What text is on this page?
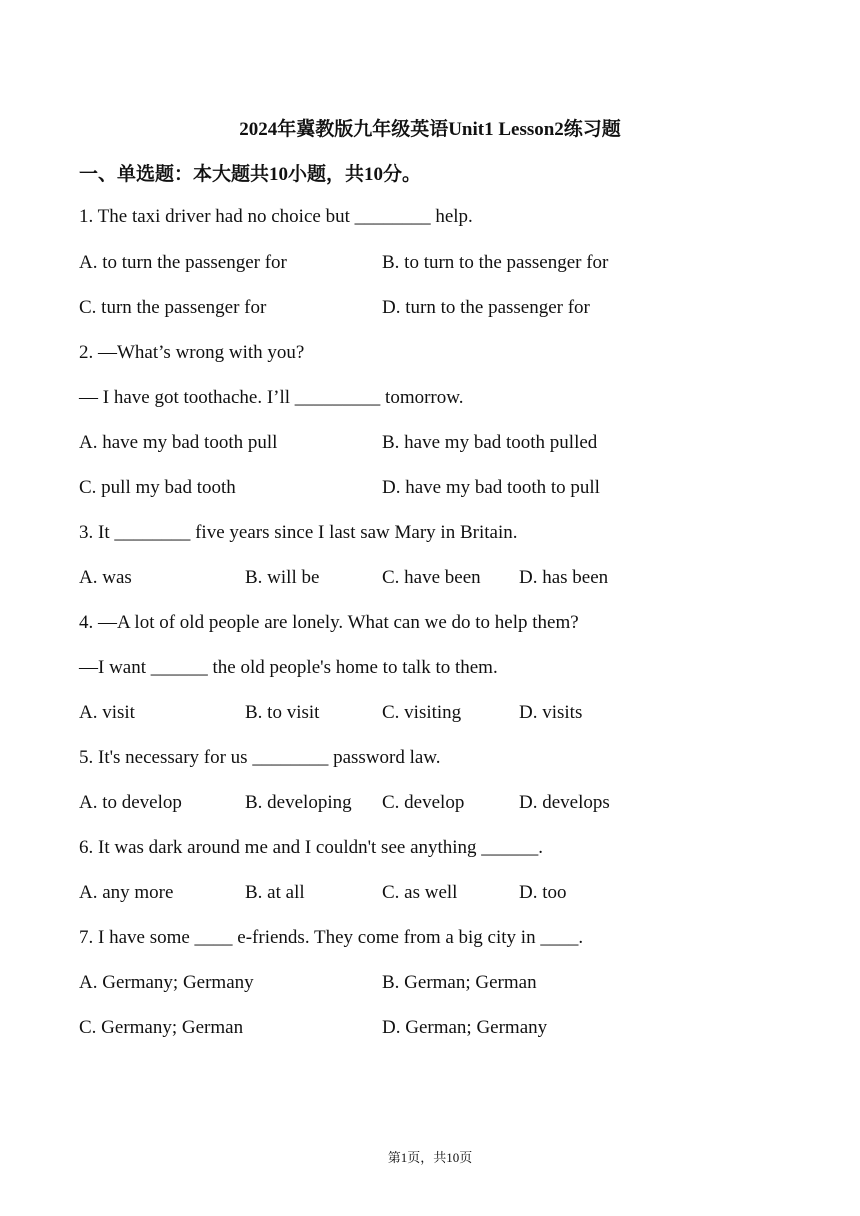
2024年冀教版九年级英语Unit1 Lesson2练习题
一、单选题：本大题共10小题，共10分。
1. The taxi driver had no choice but ________ help.
A. to turn the passenger for	B. to turn to the passenger for
C. turn the passenger for	D. turn to the passenger for
2. —What’s wrong with you?
— I have got toothache. I’ll _________ tomorrow.
A. have my bad tooth pull	B. have my bad tooth pulled
C. pull my bad tooth	D. have my bad tooth to pull
3. It ________ five years since I last saw Mary in Britain.
A. was	B. will be	C. have been D. has been
4. —A lot of old people are lonely. What can we do to help them?
—I want ______ the old people's home to talk to them.
A. visit	B. to visit	C. visiting	D. visits
5. It's necessary for us ________ password law.
A. to develop	B. developing C. develop	D. develops
6. It was dark around me and I couldn't see anything ______.
A. any more	B. at all	C. as well	D. too
7. I have some ____ e-friends. They come from a big city in ____.
A. Germany; Germany	B. German; German
C. Germany; German	D. German; Germany
第1页，共10页
